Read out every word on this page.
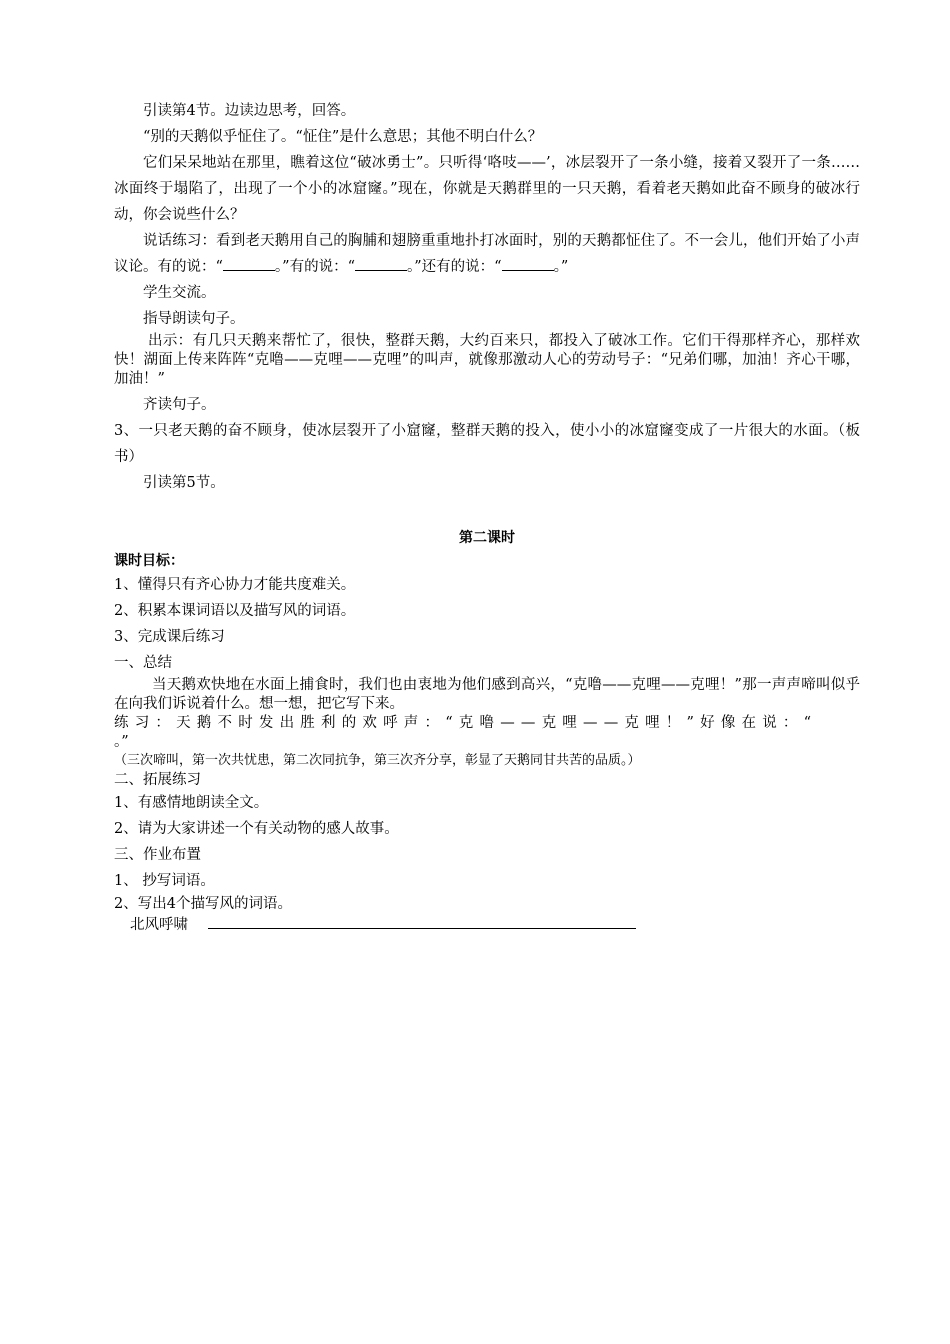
引读第4节。边读边思考，回答。

“别的天鹅似乎怔住了。“怔住”是什么意思；其他不明白什么？

它们呆呆地站在那里，瞧着这位“破冰勇士”。只听得‘咯吱——’，冰层裂开了一条小缝，接着又裂开了一条……冰面终于塌陷了，出现了一个小的冰窟窿。”现在，你就是天鹅群里的一只天鹅，看着老天鹅如此奋不顾身的破冰行动，你会说些什么？

说话练习：看到老天鹅用自己的胸脯和翅膀重重地扑打冰面时，别的天鹅都怔住了。不一会儿，他们开始了小声议论。有的说：“	。”有的说：“	。”还有的说：“	。”

学生交流。

指导朗读句子。

出示：有几只天鹅来帮忙了，很快，整群天鹅，大约百来只，都投入了破冰工作。它们干得那样齐心，那样欢快！湖面上传来阵阵“克噜——克哩——克哩”的叫声，就像那激动人心的劳动号子：“兄弟们哪，加油！齐心干哪，加油！”

齐读句子。

3、一只老天鹅的奋不顾身，使冰层裂开了小窟窿，整群天鹅的投入，使小小的冰窟窿变成了一片很大的水面。（板书）

引读第5节。

第二课时
课时目标：

1、懂得只有齐心协力才能共度难关。

2、积累本课词语以及描写风的词语。

3、完成课后练习

一、总结

当天鹅欢快地在水面上捕食时，我们也由衷地为他们感到高兴，“克噜——克哩——克哩！”那一声声啼叫似乎在向我们诉说着什么。想一想，把它写下来。

练习：天鹅不时发出胜利的欢呼声：“克噜——克哩——克哩！”好像在说：“
。”

（三次啼叫，第一次共忧患，第二次同抗争，第三次齐分享，彰显了天鹅同甘共苦的品质。）

二、拓展练习

1、有感情地朗读全文。

2、请为大家讲述一个有关动物的感人故事。

三、作业布置

1、 抄写词语。

2、写出4个描写风的词语。

北风呼啸
